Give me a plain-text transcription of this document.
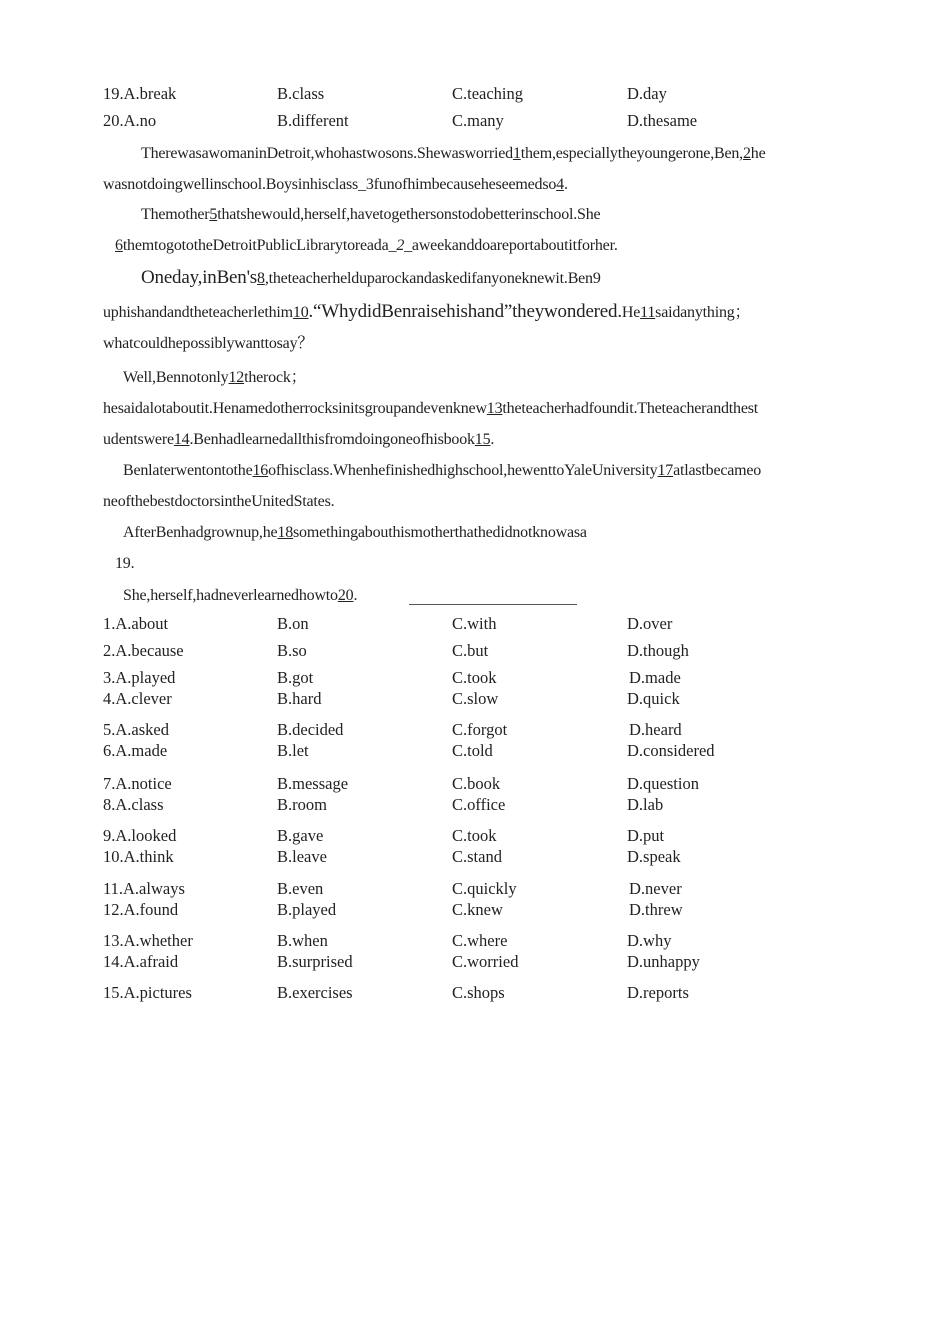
19.A.break	B.class	C.teaching	D.day
20.A.no	B.different	C.many	D.thesame
TherewasawomaninDetroit,whohastwosons.Shewasworried1them,especiallytheyoungerone,Ben,2he
wasnotdoingwellinschool.Boysinhisclass_3funofhimbecauseheseemedso4.
Themother5thatshewould,herself,havetogethersonstodobetterinschool.She
6themtogototheDetroitPublicLibrarytoreada_2_aweekanddoareportaboutitforher.
Oneday,inBen's8,theteacherhelduparockandaskedifanyoneknewit.Ben9
uphishandandtheteacherlethim10.“WhydidBenraisehishand”theywondered.He11saidanything；
whatcouldhepossiblywanttosay？
Well,Bennotonly12therock；
hesaidalotaboutit.Henamedotherrocksinitsgroupandevenknew13theteacherhadfoundit.Theteacherandthest
udentswere14.Benhadlearnedallthisfromdoingoneofhisbook15.
Benlaterwentontothe16ofhisclass.Whenhefinishedhighschool,hewenttoYaleUniversity17atlastbecameo
neofthebestdoctorsintheUnitedStates.
AfterBenhadgrownup,he18somethingabouthismotherthathedidnotknowasa
19.
She,herself,hadneverlearnedhowto20.
1.A.about	B.on	C.with	D.over
2.A.because	B.so	C.but	D.though
3.A.played	B.got	C.took	D.made
4.A.clever	B.hard	C.slow	D.quick
5.A.asked	B.decided	C.forgot	D.heard
6.A.made	B.let	C.told	D.considered
7.A.notice	B.message	C.book	D.question
8.A.class	B.room	C.office	D.lab
9.A.looked	B.gave	C.took	D.put
10.A.think	B.leave	C.stand	D.speak
11.A.always	B.even	C.quickly	D.never
12.A.found	B.played	C.knew	D.threw
13.A.whether	B.when	C.where	D.why
14.A.afraid	B.surprised	C.worried	D.unhappy
15.A.pictures	B.exercises	C.shops	D.reports
